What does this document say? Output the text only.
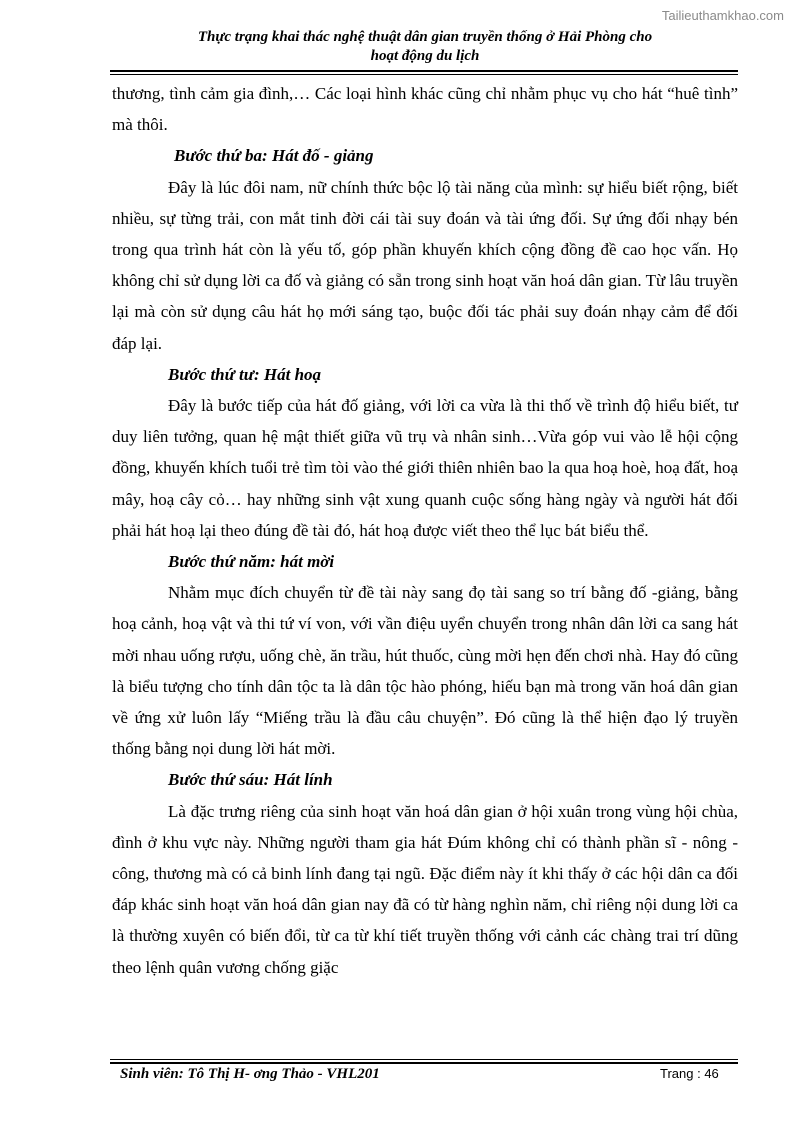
Tailieuthamkhao.com
Thực trạng khai thác nghệ thuật dân gian truyền thống ở Hải Phòng cho
hoạt động du lịch

thương, tình cảm gia đình,… Các loại hình khác cũng chỉ nhằm phục vụ cho hát “huê tình” mà thôi.

Bước thứ ba: Hát đố - giảng

Đây là lúc đôi nam, nữ chính thức bộc lộ tài năng của mình: sự hiểu biết rộng, biết nhiều, sự từng trải, con mắt tinh đời cái tài suy đoán và tài ứng đối. Sự ứng đối nhạy bén trong qua trình hát còn là yếu tố, góp phần khuyến khích cộng đồng đề cao học vấn. Họ không chỉ sử dụng lời ca đố và giảng có sẵn trong sinh hoạt văn hoá dân gian. Từ lâu truyền lại mà còn sử dụng câu hát họ mới sáng tạo, buộc đối tác phải suy đoán nhạy cảm để đối đáp lại.

Bước thứ tư: Hát hoạ

Đây là bước tiếp của hát đố giảng, với lời ca vừa là thi thố về trình độ hiểu biết, tư duy liên tưởng, quan hệ mật thiết giữa vũ trụ và nhân sinh…Vừa góp vui vào lễ hội cộng đồng, khuyến khích tuổi trẻ tìm tòi vào thé giới thiên nhiên bao la qua hoạ hoè, hoạ đất, hoạ mây, hoạ cây cỏ… hay những sinh vật xung quanh cuộc sống hàng ngày và người hát đối phải hát hoạ lại theo đúng đề tài đó, hát hoạ được viết theo thể lục bát biểu thể.

Bước thứ năm: hát mời

Nhằm mục đích chuyển từ đề tài này sang đọ tài sang so trí bằng đố -giảng, bằng hoạ cảnh, hoạ vật và thi tứ ví von, với vần điệu uyển chuyển trong nhân dân lời ca sang hát mời nhau uống rượu, uống chè, ăn trầu, hút thuốc, cùng mời hẹn đến chơi nhà. Hay đó cũng là biểu tượng cho tính dân tộc ta là dân tộc hào phóng, hiếu bạn mà trong văn hoá dân gian về ứng xử luôn lấy “Miếng trầu là đầu câu chuyện”. Đó cũng là thể hiện đạo lý truyền thống bằng nọi dung lời hát mời.

Bước thứ sáu: Hát lính

Là đặc trưng riêng của sinh hoạt văn hoá dân gian ở hội xuân trong vùng hội chùa, đình ở khu vực này. Những người tham gia hát Đúm không chỉ có thành phần sĩ - nông - công, thương mà có cả binh lính đang tại ngũ. Đặc điểm này ít khi thấy ở các hội dân ca đối đáp khác sinh hoạt văn hoá dân gian nay đã có từ hàng nghìn năm, chỉ riêng nội dung lời ca là thường xuyên có biến đổi, từ ca từ khí tiết truyền thống với cảnh các chàng trai trí dũng theo lệnh quân vương chống giặc

Sinh viên: Tô Thị H- ơng Thảo - VHL201	Trang : 46
